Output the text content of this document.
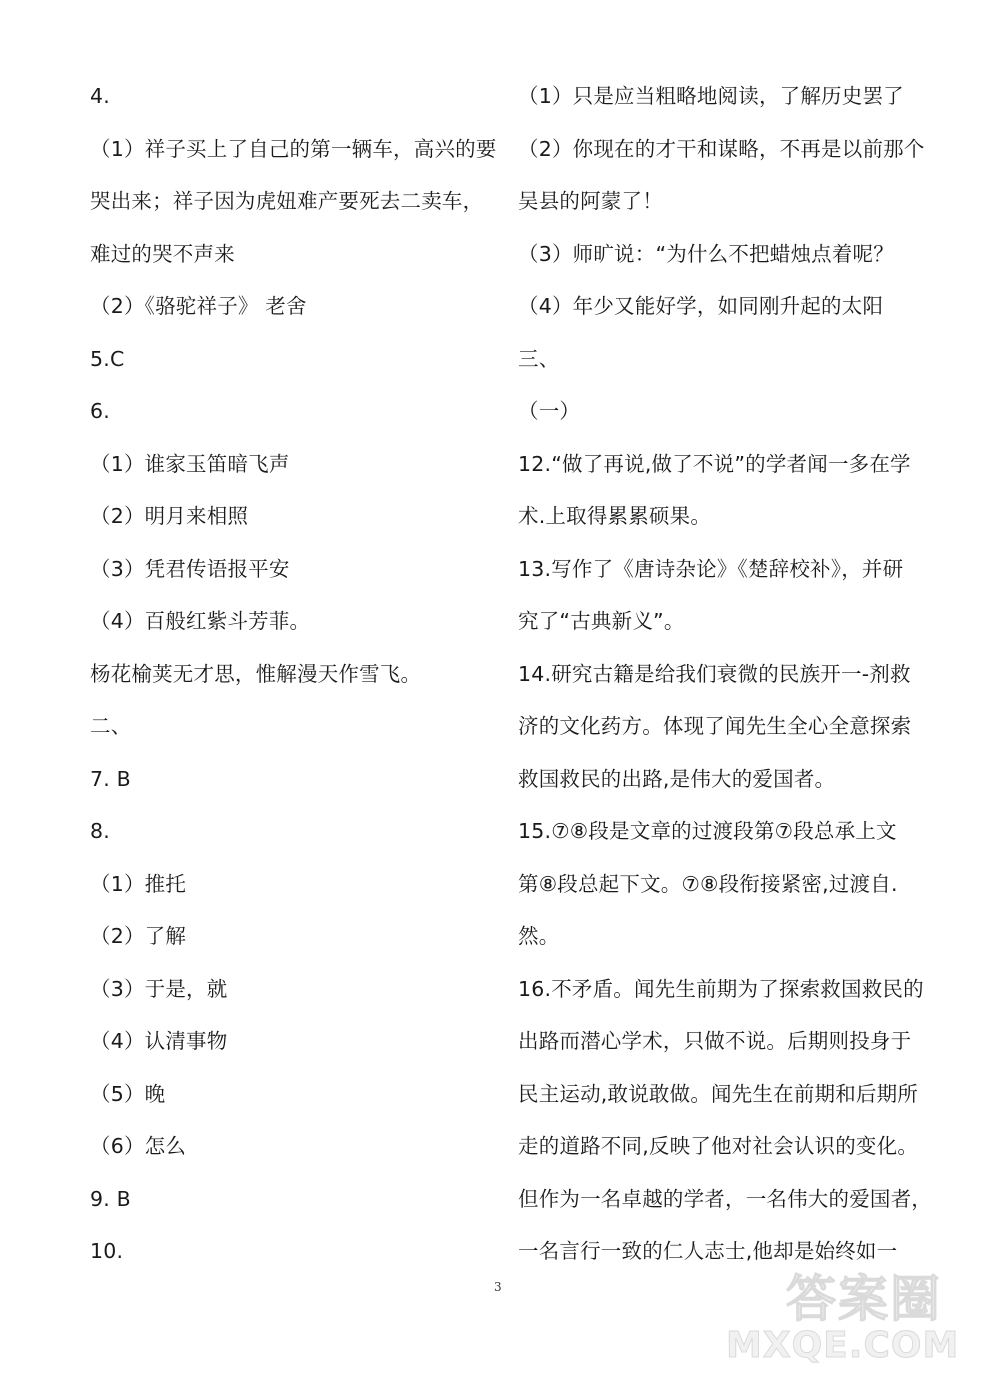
4.
（1）祥子买上了自己的第一辆车，高兴的要
哭出来；祥子因为虎妞难产要死去二卖车，
难过的哭不声来
（2）《骆驼祥子》 老舍
5.C
6.
（1）谁家玉笛暗飞声
（2）明月来相照
（3）凭君传语报平安
（4）百般红紫斗芳菲。
杨花榆荚无才思，惟解漫天作雪飞。
二、
7. B
8.
（1）推托
（2）了解
（3）于是，就
（4）认清事物
（5）晚
（6）怎么
9. B
10.
（1）只是应当粗略地阅读，了解历史罢了
（2）你现在的才干和谋略，不再是以前那个
吴县的阿蒙了！
（3）师旷说：“为什么不把蜡烛点着呢？
（4）年少又能好学，如同刚升起的太阳
三、
（一）
12.“做了再说,做了不说”的学者闻一多在学
术.上取得累累硕果。
13.写作了《唐诗杂论》《楚辞校补》，并研
究了“古典新义”。
14.研究古籍是给我们衰微的民族开一-剂救
济的文化药方。体现了闻先生全心全意探索
救国救民的出路,是伟大的爱国者。
15.⑦⑧段是文章的过渡段第⑦段总承上文
第⑧段总起下文。⑦⑧段衔接紧密,过渡自.
然。
16.不矛盾。闻先生前期为了探索救国救民的
出路而潜心学术，只做不说。后期则投身于
民主运动,敢说敢做。闻先生在前期和后期所
走的道路不同,反映了他对社会认识的变化。
但作为一名卓越的学者，一名伟大的爱国者，
一名言行一致的仁人志士,他却是始终如一
3	答案圈
MXQE.COM
